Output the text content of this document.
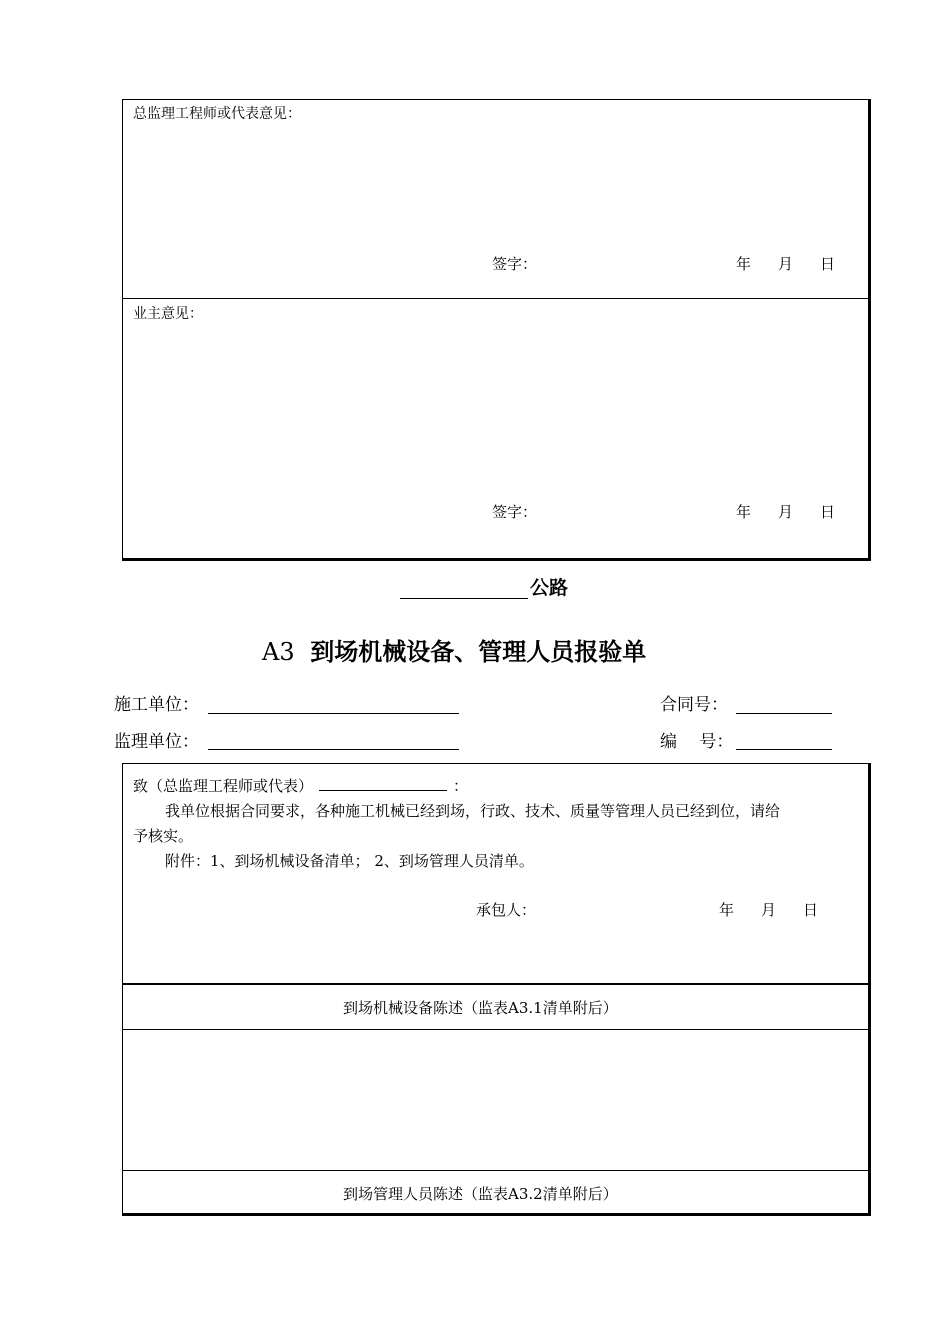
总监理工程师或代表意见：
签字：	年 月 日
业主意见：
签字：	年 月 日
公路
A3 到场机械设备、管理人员报验单
施工单位：	合同号：
监理单位：	编　 号：
致（总监理工程师或代表）	：
我单位根据合同要求，各种施工机械已经到场，行政、技术、质量等管理人员已经到位，请给
予核实。
附件：1、到场机械设备清单； 2、到场管理人员清单。
承包人：	年 月 日
到场机械设备陈述（监表A3.1清单附后）
到场管理人员陈述（监表A3.2清单附后）
